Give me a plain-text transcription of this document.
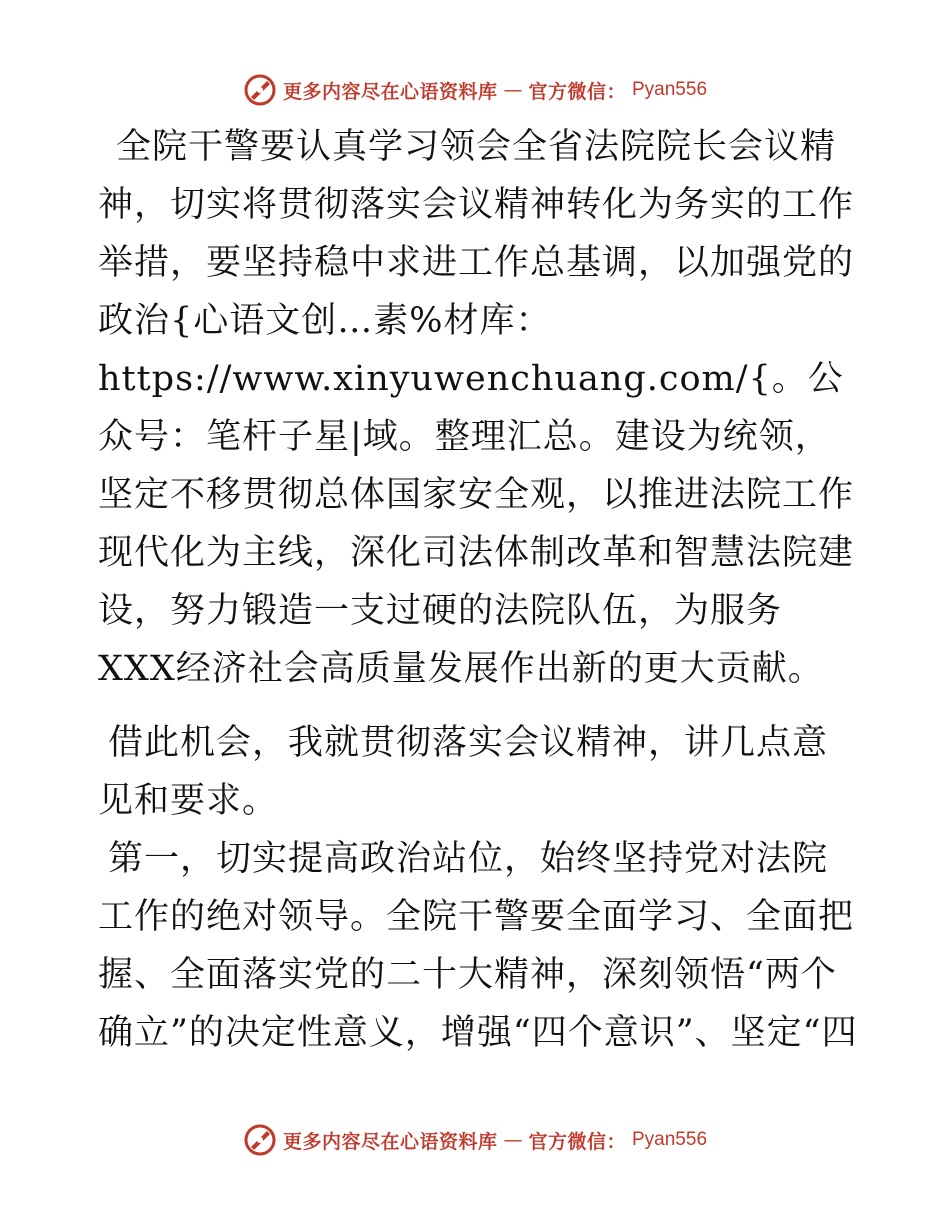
更多内容尽在心语资料库 — 官方微信： Pyan556

全院干警要认真学习领会全省法院院长会议精神，切实将贯彻落实会议精神转化为务实的工作举措，要坚持稳中求进工作总基调，以加强党的政治{心语文创…素%材库：https://www.xinyuwenchuang.com/{。公众号：笔杆子星|域。整理汇总。建设为统领，坚定不移贯彻总体国家安全观，以推进法院工作现代化为主线，深化司法体制改革和智慧法院建设，努力锻造一支过硬的法院队伍，为服务XXX经济社会高质量发展作出新的更大贡献。

借此机会，我就贯彻落实会议精神，讲几点意见和要求。

第一，切实提高政治站位，始终坚持党对法院工作的绝对领导。全院干警要全面学习、全面把握、全面落实党的二十大精神，深刻领悟“两个确立”的决定性意义，增强“四个意识”、坚定“四

更多内容尽在心语资料库 — 官方微信： Pyan556
